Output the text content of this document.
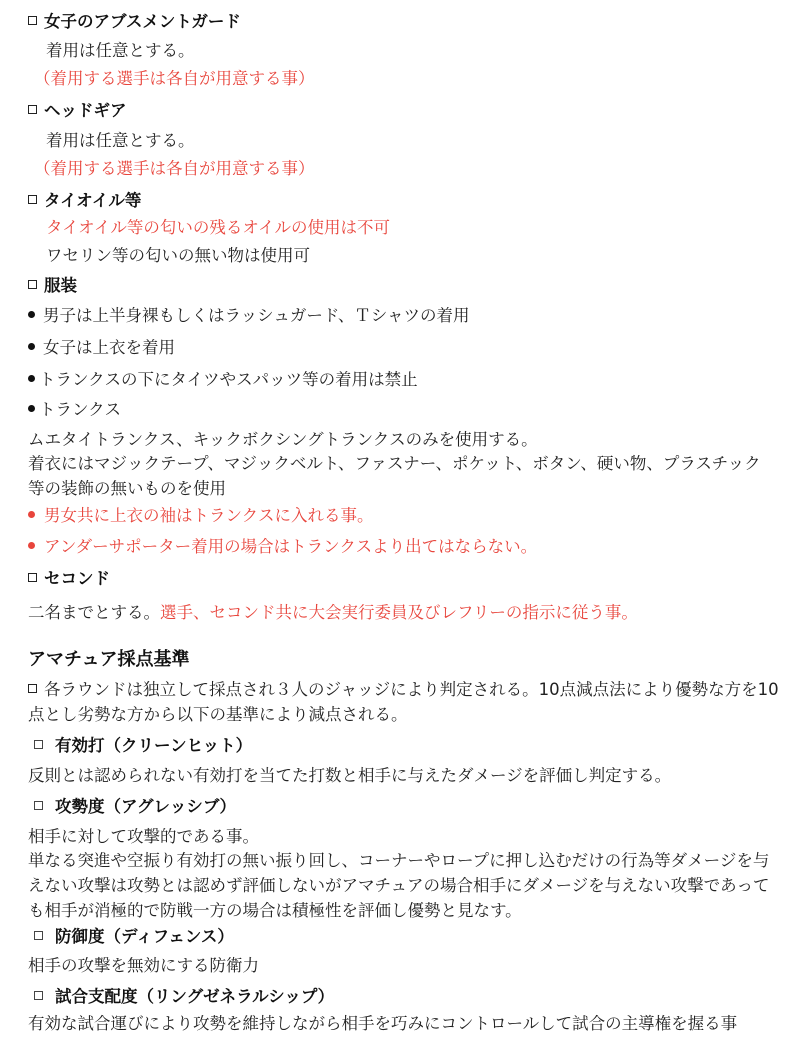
女子のアブスメントガード
着用は任意とする。
（着用する選手は各自が用意する事）
ヘッドギア
着用は任意とする。
（着用する選手は各自が用意する事）
タイオイル等
タイオイル等の匂いの残るオイルの使用は不可
ワセリン等の匂いの無い物は使用可
服装
男子は上半身裸もしくはラッシュガード、Ｔシャツの着用
女子は上衣を着用
トランクスの下にタイツやスパッツ等の着用は禁止
トランクス
ムエタイトランクス、キックボクシングトランクスのみを使用する。
着衣にはマジックテープ、マジックベルト、ファスナー、ポケット、ボタン、硬い物、プラスチック等の装飾の無いものを使用
男女共に上衣の袖はトランクスに入れる事。
アンダーサポーター着用の場合はトランクスより出てはならない。
セコンド
二名までとする。選手、セコンド共に大会実行委員及びレフリーの指示に従う事。
アマチュア採点基準
各ラウンドは独立して採点され３人のジャッジにより判定される。10点減点法により優勢な方を10点とし劣勢な方から以下の基準により減点される。
有効打（クリーンヒット）
反則とは認められない有効打を当てた打数と相手に与えたダメージを評価し判定する。
攻勢度（アグレッシブ）
相手に対して攻撃的である事。
単なる突進や空振り有効打の無い振り回し、コーナーやロープに押し込むだけの行為等ダメージを与えない攻撃は攻勢とは認めず評価しないがアマチュアの場合相手にダメージを与えない攻撃であっても相手が消極的で防戦一方の場合は積極性を評価し優勢と見なす。
防御度（ディフェンス）
相手の攻撃を無効にする防衛力
試合支配度（リングゼネラルシップ）
有効な試合運びにより攻勢を維持しながら相手を巧みにコントロールして試合の主導権を握る事
